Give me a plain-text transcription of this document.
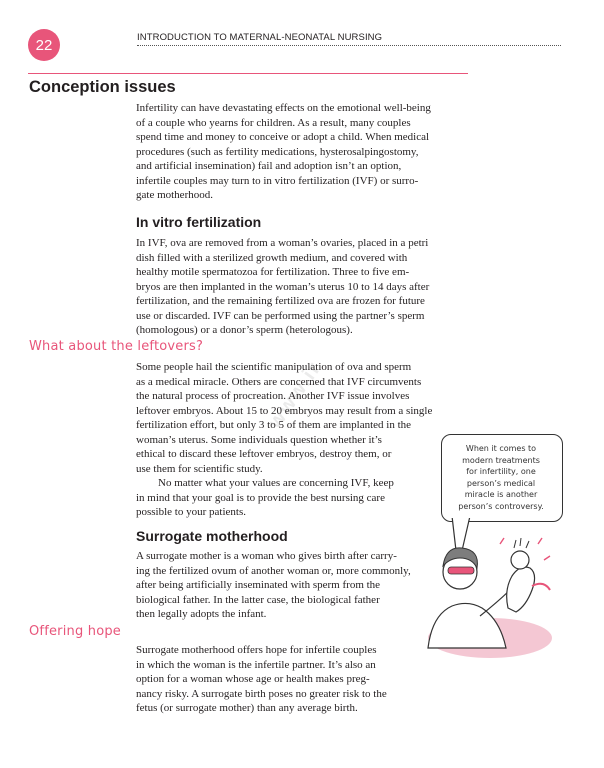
22	INTRODUCTION TO MATERNAL-NEONATAL NURSING
www.ir
Conception issues

Infertility can have devastating effects on the emotional well-being
of a couple who yearns for children. As a result, many couples
spend time and money to conceive or adopt a child. When medical
procedures (such as fertility medications, hysterosalpingostomy,
and artificial insemination) fail and adoption isn’t an option,
infertile couples may turn to in vitro fertilization (IVF) or surro-
gate motherhood.

In vitro fertilization

In IVF, ova are removed from a woman’s ovaries, placed in a petri
dish filled with a sterilized growth medium, and covered with
healthy motile spermatozoa for fertilization. Three to five em-
bryos are then implanted in the woman’s uterus 10 to 14 days after
fertilization, and the remaining fertilized ova are frozen for future
use or discarded. IVF can be performed using the partner’s sperm
(homologous) or a donor’s sperm (heterologous).

What about the leftovers?

Some people hail the scientific manipulation of ova and sperm
as a medical miracle. Others are concerned that IVF circumvents
the natural process of procreation. Another IVF issue involves
leftover embryos. About 15 to 20 embryos may result from a single
fertilization effort, but only 3 to 5 of them are implanted in the
woman’s uterus. Some individuals question whether it’s
ethical to discard these leftover embryos, destroy them, or
use them for scientific study.
No matter what your values are concerning IVF, keep
in mind that your goal is to provide the best nursing care
possible to your patients.

Surrogate motherhood

A surrogate mother is a woman who gives birth after carry-
ing the fertilized ovum of another woman or, more commonly,
after being artificially inseminated with sperm from the
biological father. In the latter case, the biological father
then legally adopts the infant.

Offering hope

Surrogate motherhood offers hope for infertile couples
in which the woman is the infertile partner. It’s also an
option for a woman whose age or health makes preg-
nancy risky. A surrogate birth poses no greater risk to the
fetus (or surrogate mother) than any average birth.

When it comes to
modern treatments
for infertility, one
person’s medical
miracle is another
person’s controversy.
